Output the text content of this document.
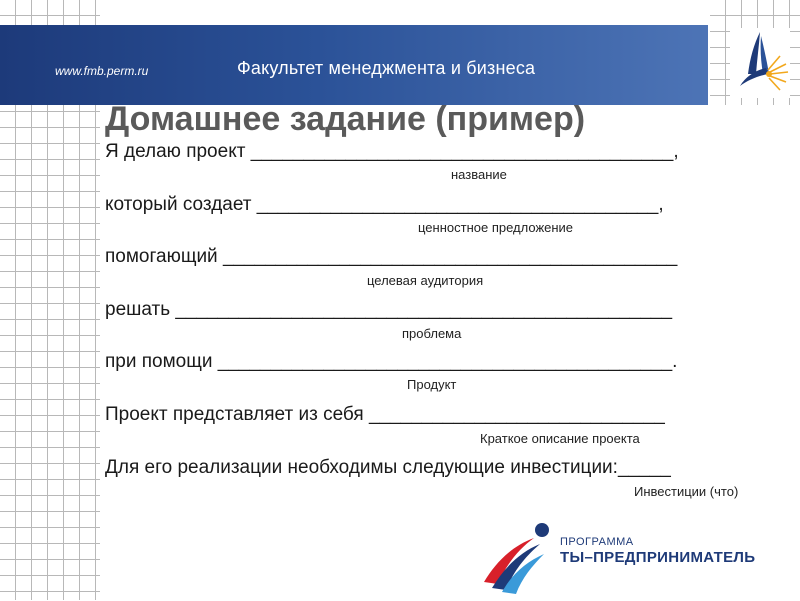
www.fmb.perm.ru	Факультет менеджмента и бизнеса
Домашнее задание (пример)
Я делаю проект ________________________________________,
название
который создает ______________________________________,
ценностное предложение
помогающий ___________________________________________
целевая аудитория
решать _______________________________________________
проблема
при помощи ___________________________________________.
Продукт
Проект представляет из себя ____________________________
Краткое описание проекта
Для его реализации необходимы следующие инвестиции:_____
Инвестиции (что)
ПРОГРАММА
ТЫ–ПРЕДПРИНИМАТЕЛЬ
